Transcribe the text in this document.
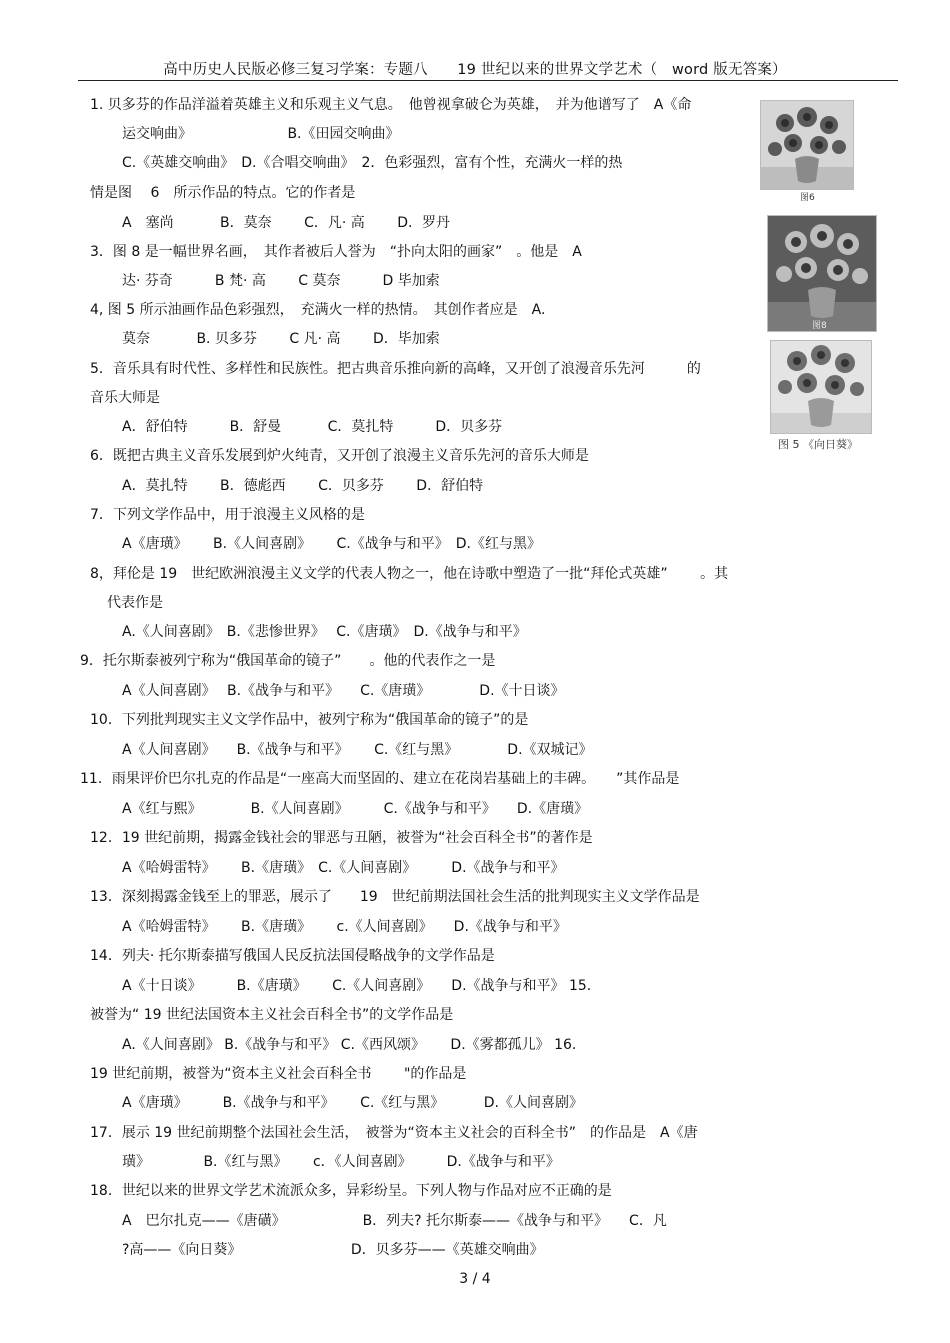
高中历史人民版必修三复习学案：专题八　　19 世纪以来的世界文学艺术（　word 版无答案）
1. 贝多芬的作品洋溢着英雄主义和乐观主义气息。　他曾视拿破仑为英雄，　并为他谱写了　A《命
运交响曲》　　　　　　　 B.《田园交响曲》
C.《英雄交响曲》　D.《合唱交响曲》　2．色彩强烈，富有个性，充满火一样的热
情是图　 6　所示作品的特点。它的作者是
A　塞尚　　　 B．莫奈　　 C．凡· 高　　 D．罗丹
3．图 8 是一幅世界名画，　其作者被后人誉为　“扑向太阳的画家”　。他是　A
达· 芬奇　　　B 梵· 高　　 C 莫奈　　　D 毕加索
4, 图 5 所示油画作品色彩强烈，　充满火一样的热情。　其创作者应是　A.
莫奈　　　 B. 贝多芬　　 C 凡· 高　　 D．毕加索
5．音乐具有时代性、多样性和民族性。把古典音乐推向新的高峰，又开创了浪漫音乐先河　　　的
音乐大师是
A．舒伯特　　　B．舒曼　　　 C．莫扎特　　　D．贝多芬
6．既把古典主义音乐发展到炉火纯青，又开创了浪漫主义音乐先河的音乐大师是
A．莫扎特　　 B．德彪西　　 C．贝多芬　　 D．舒伯特
7．下列文学作品中，用于浪漫主义风格的是
A《唐璜》　　 B.《人间喜剧》　　 C.《战争与和平》　D.《红与黑》
8，拜伦是 19　世纪欧洲浪漫主义文学的代表人物之一，他在诗歌中塑造了一批“拜伦式英雄”　　 。其
代表作是
A.《人间喜剧》　B.《悲惨世界》　 C.《唐璜》　D.《战争与和平》
9．托尔斯泰被列宁称为“俄国革命的镜子”　　。他的代表作之一是
A《人间喜剧》　 B.《战争与和平》　　C.《唐璜》　　　　D.《十日谈》
10．下列批判现实主义文学作品中，被列宁称为“俄国革命的镜子”的是
A《人间喜剧》　　B.《战争与和平》　　 C.《红与黑》　　　　D.《双城记》
11．雨果评价巴尔扎克的作品是“一座高大而坚固的、建立在花岗岩基础上的丰碑。　　”其作品是
A《红与熙》　　　　B.《人间喜剧》　　　C.《战争与和平》　　D.《唐璜》
12．19 世纪前期，揭露金钱社会的罪恶与丑陋，被誉为“社会百科全书”的著作是
A《哈姆雷特》　　 B.《唐璜》　C.《人间喜剧》　　　D.《战争与和平》
13．深刻揭露金钱至上的罪恶，展示了　　19　世纪前期法国社会生活的批判现实主义文学作品是
A《哈姆雷特》　　 B.《唐璜》　　 c.《人间喜剧》　　D.《战争与和平》
14．列夫· 托尔斯泰描写俄国人民反抗法国侵略战争的文学作品是
A《十日谈》　　　B.《唐璜》　　 C.《人间喜剧》　　D.《战争与和平》 15.
被誉为“ 19 世纪法国资本主义社会百科全书”的文学作品是
A.《人间喜剧》 B.《战争与和平》 C.《西风颂》　　 D.《雾都孤儿》 16.
19 世纪前期，被誉为“资本主义社会百科全书　　 "的作品是
A《唐璜》　　　B.《战争与和平》　　 C.《红与黑》　　　 D.《人间喜剧》
17．展示 19 世纪前期整个法国社会生活，　被誉为“资本主义社会的百科全书”　的作品是　A《唐
璜》　　　　 B.《红与黑》　　 c．《人间喜剧》　　　D.《战争与和平》
18．世纪以来的世界文学艺术流派众多，异彩纷呈。下列人物与作品对应不正确的是
A　巴尔扎克——《唐磺》　　　　　　B．列夫? 托尔斯泰——《战争与和平》　　C．凡
?高——《向日葵》　　　　　　　　 D．贝多芬——《英雄交响曲》
图6
图8
图 5 《向日葵》
3 / 4
